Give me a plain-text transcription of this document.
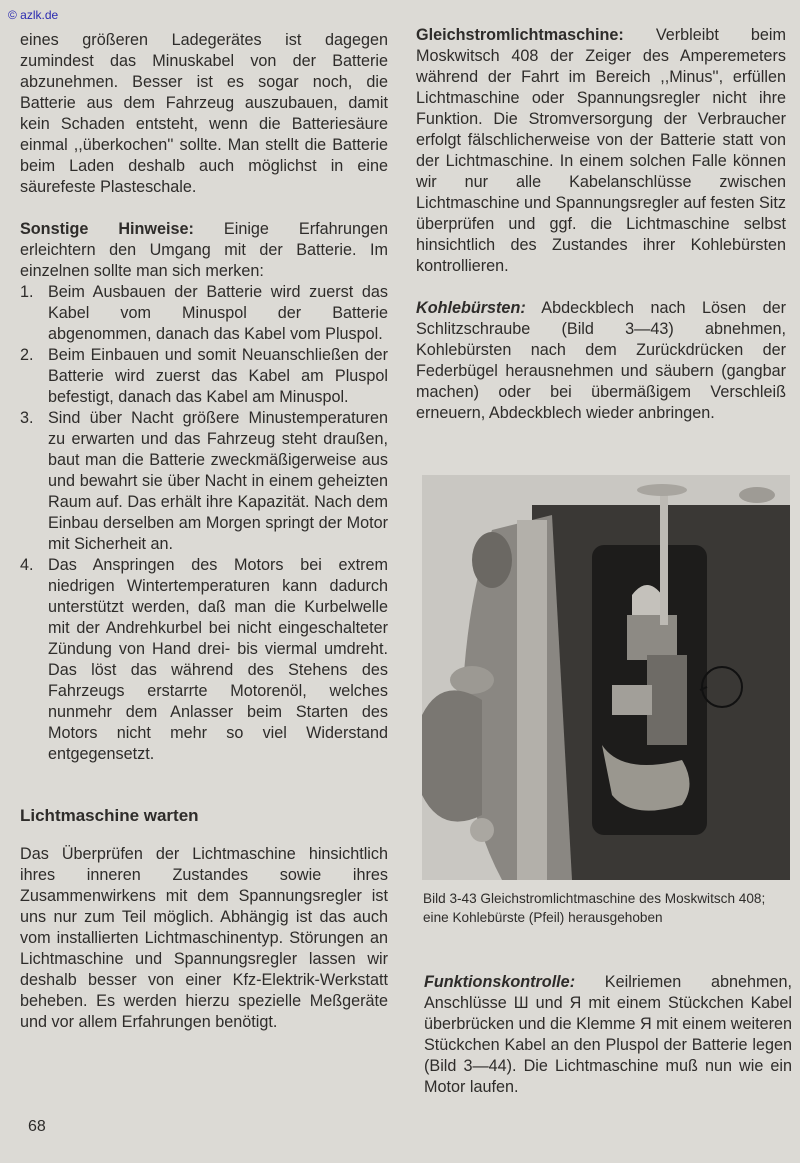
© azlk.de

eines größeren Ladegerätes ist dagegen zumindest das Minuskabel von der Batterie abzunehmen. Besser ist es sogar noch, die Batterie aus dem Fahrzeug auszubauen, damit kein Schaden entsteht, wenn die Batteriesäure einmal ,,überkochen'' sollte. Man stellt die Batterie beim Laden deshalb auch möglichst in eine säurefeste Plasteschale.

Sonstige Hinweise: Einige Erfahrungen erleichtern den Umgang mit der Batterie. Im einzelnen sollte man sich merken:

1. Beim Ausbauen der Batterie wird zuerst das Kabel vom Minuspol der Batterie abgenommen, danach das Kabel vom Pluspol.
2. Beim Einbauen und somit Neuanschließen der Batterie wird zuerst das Kabel am Pluspol befestigt, danach das Kabel am Minuspol.
3. Sind über Nacht größere Minustemperaturen zu erwarten und das Fahrzeug steht draußen, baut man die Batterie zweckmäßigerweise aus und bewahrt sie über Nacht in einem geheizten Raum auf. Das erhält ihre Kapazität. Nach dem Einbau derselben am Morgen springt der Motor mit Sicherheit an.
4. Das Anspringen des Motors bei extrem niedrigen Wintertemperaturen kann dadurch unterstützt werden, daß man die Kurbelwelle mit der Andrehkurbel bei nicht eingeschalteter Zündung von Hand drei- bis viermal umdreht. Das löst das während des Stehens des Fahrzeugs erstarrte Motorenöl, welches nunmehr dem Anlasser beim Starten des Motors nicht mehr so viel Widerstand entgegensetzt.
Lichtmaschine warten

Das Überprüfen der Lichtmaschine hinsichtlich ihres inneren Zustandes sowie ihres Zusammenwirkens mit dem Spannungsregler ist uns nur zum Teil möglich. Abhängig ist das auch vom installierten Lichtmaschinentyp. Störungen an Lichtmaschine und Spannungsregler lassen wir deshalb besser von einer Kfz-Elektrik-Werkstatt beheben. Es werden hierzu spezielle Meßgeräte und vor allem Erfahrungen benötigt.

Gleichstromlichtmaschine: Verbleibt beim Moskwitsch 408 der Zeiger des Amperemeters während der Fahrt im Bereich ,,Minus'', erfüllen Lichtmaschine oder Spannungsregler nicht ihre Funktion. Die Stromversorgung der Verbraucher erfolgt fälschlicherweise von der Batterie statt von der Lichtmaschine. In einem solchen Falle können wir nur alle Kabelanschlüsse zwischen Lichtmaschine und Spannungsregler auf festen Sitz überprüfen und ggf. die Lichtmaschine selbst hinsichtlich des Zustandes ihrer Kohlebürsten kontrollieren.

Kohlebürsten: Abdeckblech nach Lösen der Schlitzschraube (Bild 3—43) abnehmen, Kohlebürsten nach dem Zurückdrücken der Federbügel herausnehmen und säubern (gangbar machen) oder bei übermäßigem Verschleiß erneuern, Abdeckblech wieder anbringen.

Bild 3-43 Gleichstromlichtmaschine des Moskwitsch 408; eine Kohlebürste (Pfeil) herausgehoben

Funktionskontrolle: Keilriemen abnehmen, Anschlüsse Ш und Я mit einem Stückchen Kabel überbrücken und die Klemme Я mit einem weiteren Stückchen Kabel an den Pluspol der Batterie legen (Bild 3—44). Die Lichtmaschine muß nun wie ein Motor laufen.

68
